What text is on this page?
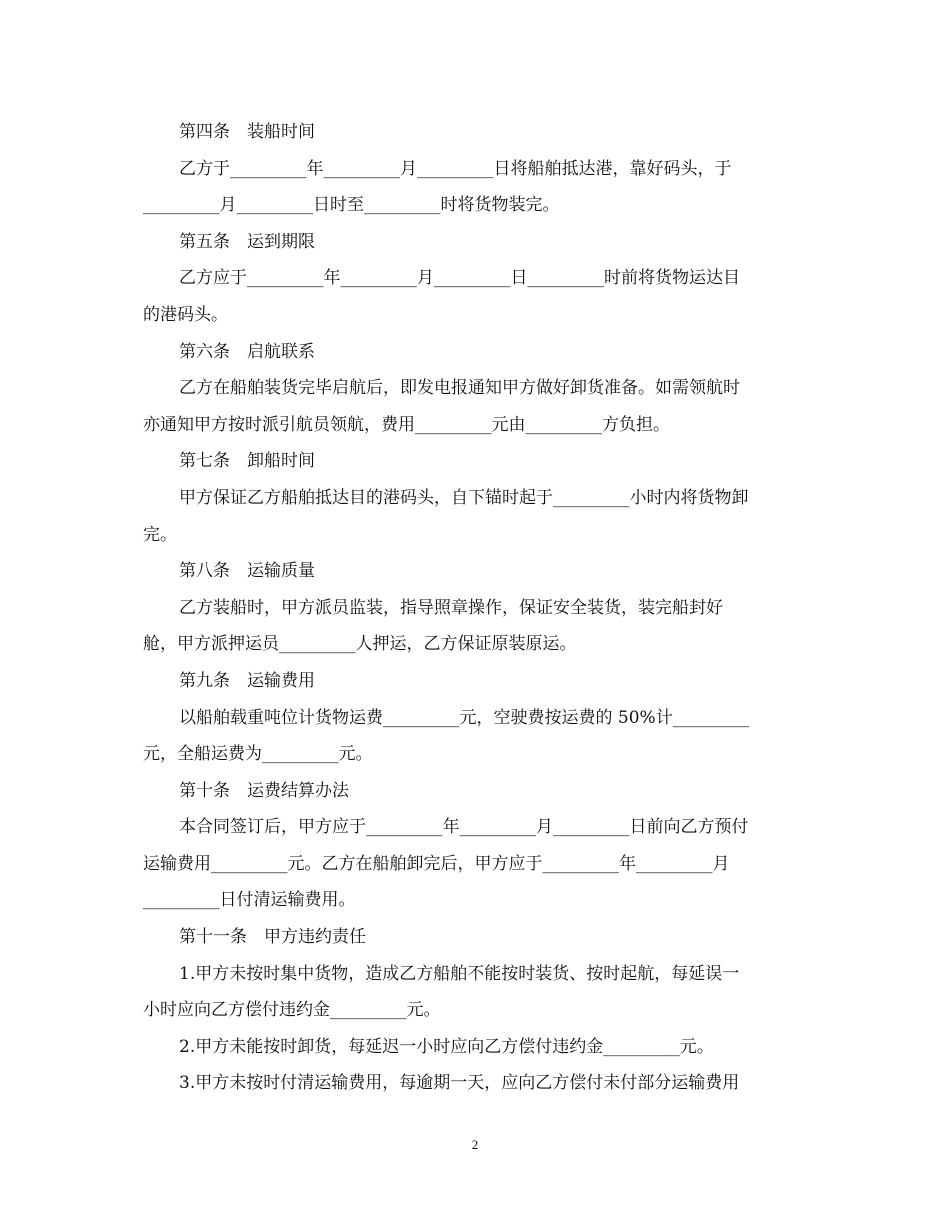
第四条　装船时间
乙方于_________年_________月_________日将船舶抵达港，靠好码头，于
_________月_________日时至_________时将货物装完。
第五条　运到期限
乙方应于_________年_________月_________日_________时前将货物运达目
的港码头。
第六条　启航联系
乙方在船舶装货完毕启航后，即发电报通知甲方做好卸货准备。如需领航时
亦通知甲方按时派引航员领航，费用_________元由_________方负担。
第七条　卸船时间
甲方保证乙方船舶抵达目的港码头，自下锚时起于_________小时内将货物卸
完。
第八条　运输质量
乙方装船时，甲方派员监装，指导照章操作，保证安全装货，装完船封好
舱，甲方派押运员_________人押运，乙方保证原装原运。
第九条　运输费用
以船舶载重吨位计货物运费_________元，空驶费按运费的 50%计_________
元，全船运费为_________元。
第十条　运费结算办法
本合同签订后，甲方应于_________年_________月_________日前向乙方预付
运输费用_________元。乙方在船舶卸完后，甲方应于_________年_________月
_________日付清运输费用。
第十一条　甲方违约责任
1.甲方未按时集中货物，造成乙方船舶不能按时装货、按时起航，每延误一
小时应向乙方偿付违约金_________元。
2.甲方未能按时卸货，每延迟一小时应向乙方偿付违约金_________元。
3.甲方未按时付清运输费用，每逾期一天，应向乙方偿付未付部分运输费用
2
